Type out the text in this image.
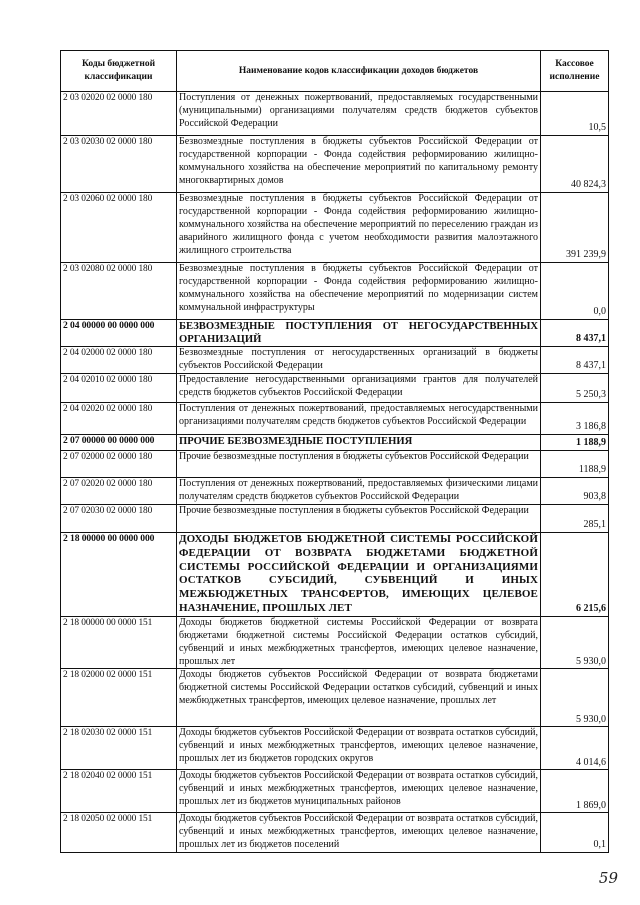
Коды бюджетной классификации	Наименование кодов классификации доходов бюджетов	Кассовое исполнение
2 03 02020 02 0000 180	Поступления от денежных пожертвований, предоставляемых государственными (муниципальными) организациями получателям средств бюджетов субъектов Российской Федерации	10,5
2 03 02030 02 0000 180	Безвозмездные поступления в бюджеты субъектов Российской Федерации от государственной корпорации - Фонда содействия реформированию жилищно-коммунального хозяйства на обеспечение мероприятий по капитальному ремонту многоквартирных домов	40 824,3
2 03 02060 02 0000 180	Безвозмездные поступления в бюджеты субъектов Российской Федерации от государственной корпорации - Фонда содействия реформированию жилищно-коммунального хозяйства на обеспечение мероприятий по переселению граждан из аварийного жилищного фонда с учетом необходимости развития малоэтажного жилищного строительства	391 239,9
2 03 02080 02 0000 180	Безвозмездные поступления в бюджеты субъектов Российской Федерации от государственной корпорации - Фонда содействия реформированию жилищно-коммунального хозяйства на обеспечение мероприятий по модернизации систем коммунальной инфраструктуры	0,0
2 04 00000 00 0000 000	БЕЗВОЗМЕЗДНЫЕ ПОСТУПЛЕНИЯ ОТ НЕГОСУДАРСТВЕННЫХ ОРГАНИЗАЦИЙ	8 437,1
2 04 02000 02 0000 180	Безвозмездные поступления от негосударственных организаций в бюджеты субъектов Российской Федерации	8 437,1
2 04 02010 02 0000 180	Предоставление негосударственными организациями грантов для получателей средств бюджетов субъектов Российской Федерации	5 250,3
2 04 02020 02 0000 180	Поступления от денежных пожертвований, предоставляемых негосударственными организациями получателям средств бюджетов субъектов Российской Федерации	3 186,8
2 07 00000 00 0000 000	ПРОЧИЕ БЕЗВОЗМЕЗДНЫЕ ПОСТУПЛЕНИЯ	1 188,9
2 07 02000 02 0000 180	Прочие безвозмездные поступления в бюджеты субъектов Российской Федерации	1188,9
2 07 02020 02 0000 180	Поступления от денежных пожертвований, предоставляемых физическими лицами получателям средств бюджетов субъектов Российской Федерации	903,8
2 07 02030 02 0000 180	Прочие безвозмездные поступления в бюджеты субъектов Российской Федерации	285,1
2 18 00000 00 0000 000	ДОХОДЫ БЮДЖЕТОВ БЮДЖЕТНОЙ СИСТЕМЫ РОССИЙСКОЙ ФЕДЕРАЦИИ ОТ ВОЗВРАТА БЮДЖЕТАМИ БЮДЖЕТНОЙ СИСТЕМЫ РОССИЙСКОЙ ФЕДЕРАЦИИ И ОРГАНИЗАЦИЯМИ ОСТАТКОВ СУБСИДИЙ, СУБВЕНЦИЙ И ИНЫХ МЕЖБЮДЖЕТНЫХ ТРАНСФЕРТОВ, ИМЕЮЩИХ ЦЕЛЕВОЕ НАЗНАЧЕНИЕ, ПРОШЛЫХ ЛЕТ	6 215,6
2 18 00000 00 0000 151	Доходы бюджетов бюджетной системы Российской Федерации от возврата бюджетами бюджетной системы Российской Федерации остатков субсидий, субвенций и иных межбюджетных трансфертов, имеющих целевое назначение, прошлых лет	5 930,0
2 18 02000 02 0000 151	Доходы бюджетов субъектов Российской Федерации от возврата бюджетами бюджетной системы Российской Федерации остатков субсидий, субвенций и иных межбюджетных трансфертов, имеющих целевое назначение, прошлых лет	5 930,0
2 18 02030 02 0000 151	Доходы бюджетов субъектов Российской Федерации от возврата остатков субсидий, субвенций и иных межбюджетных трансфертов, имеющих целевое назначение, прошлых лет из бюджетов городских округов	4 014,6
2 18 02040 02 0000 151	Доходы бюджетов субъектов Российской Федерации от возврата остатков субсидий, субвенций и иных межбюджетных трансфертов, имеющих целевое назначение, прошлых лет из бюджетов муниципальных районов	1 869,0
2 18 02050 02 0000 151	Доходы бюджетов субъектов Российской Федерации от возврата остатков субсидий, субвенций и иных межбюджетных трансфертов, имеющих целевое назначение, прошлых лет из бюджетов поселений	0,1
59
